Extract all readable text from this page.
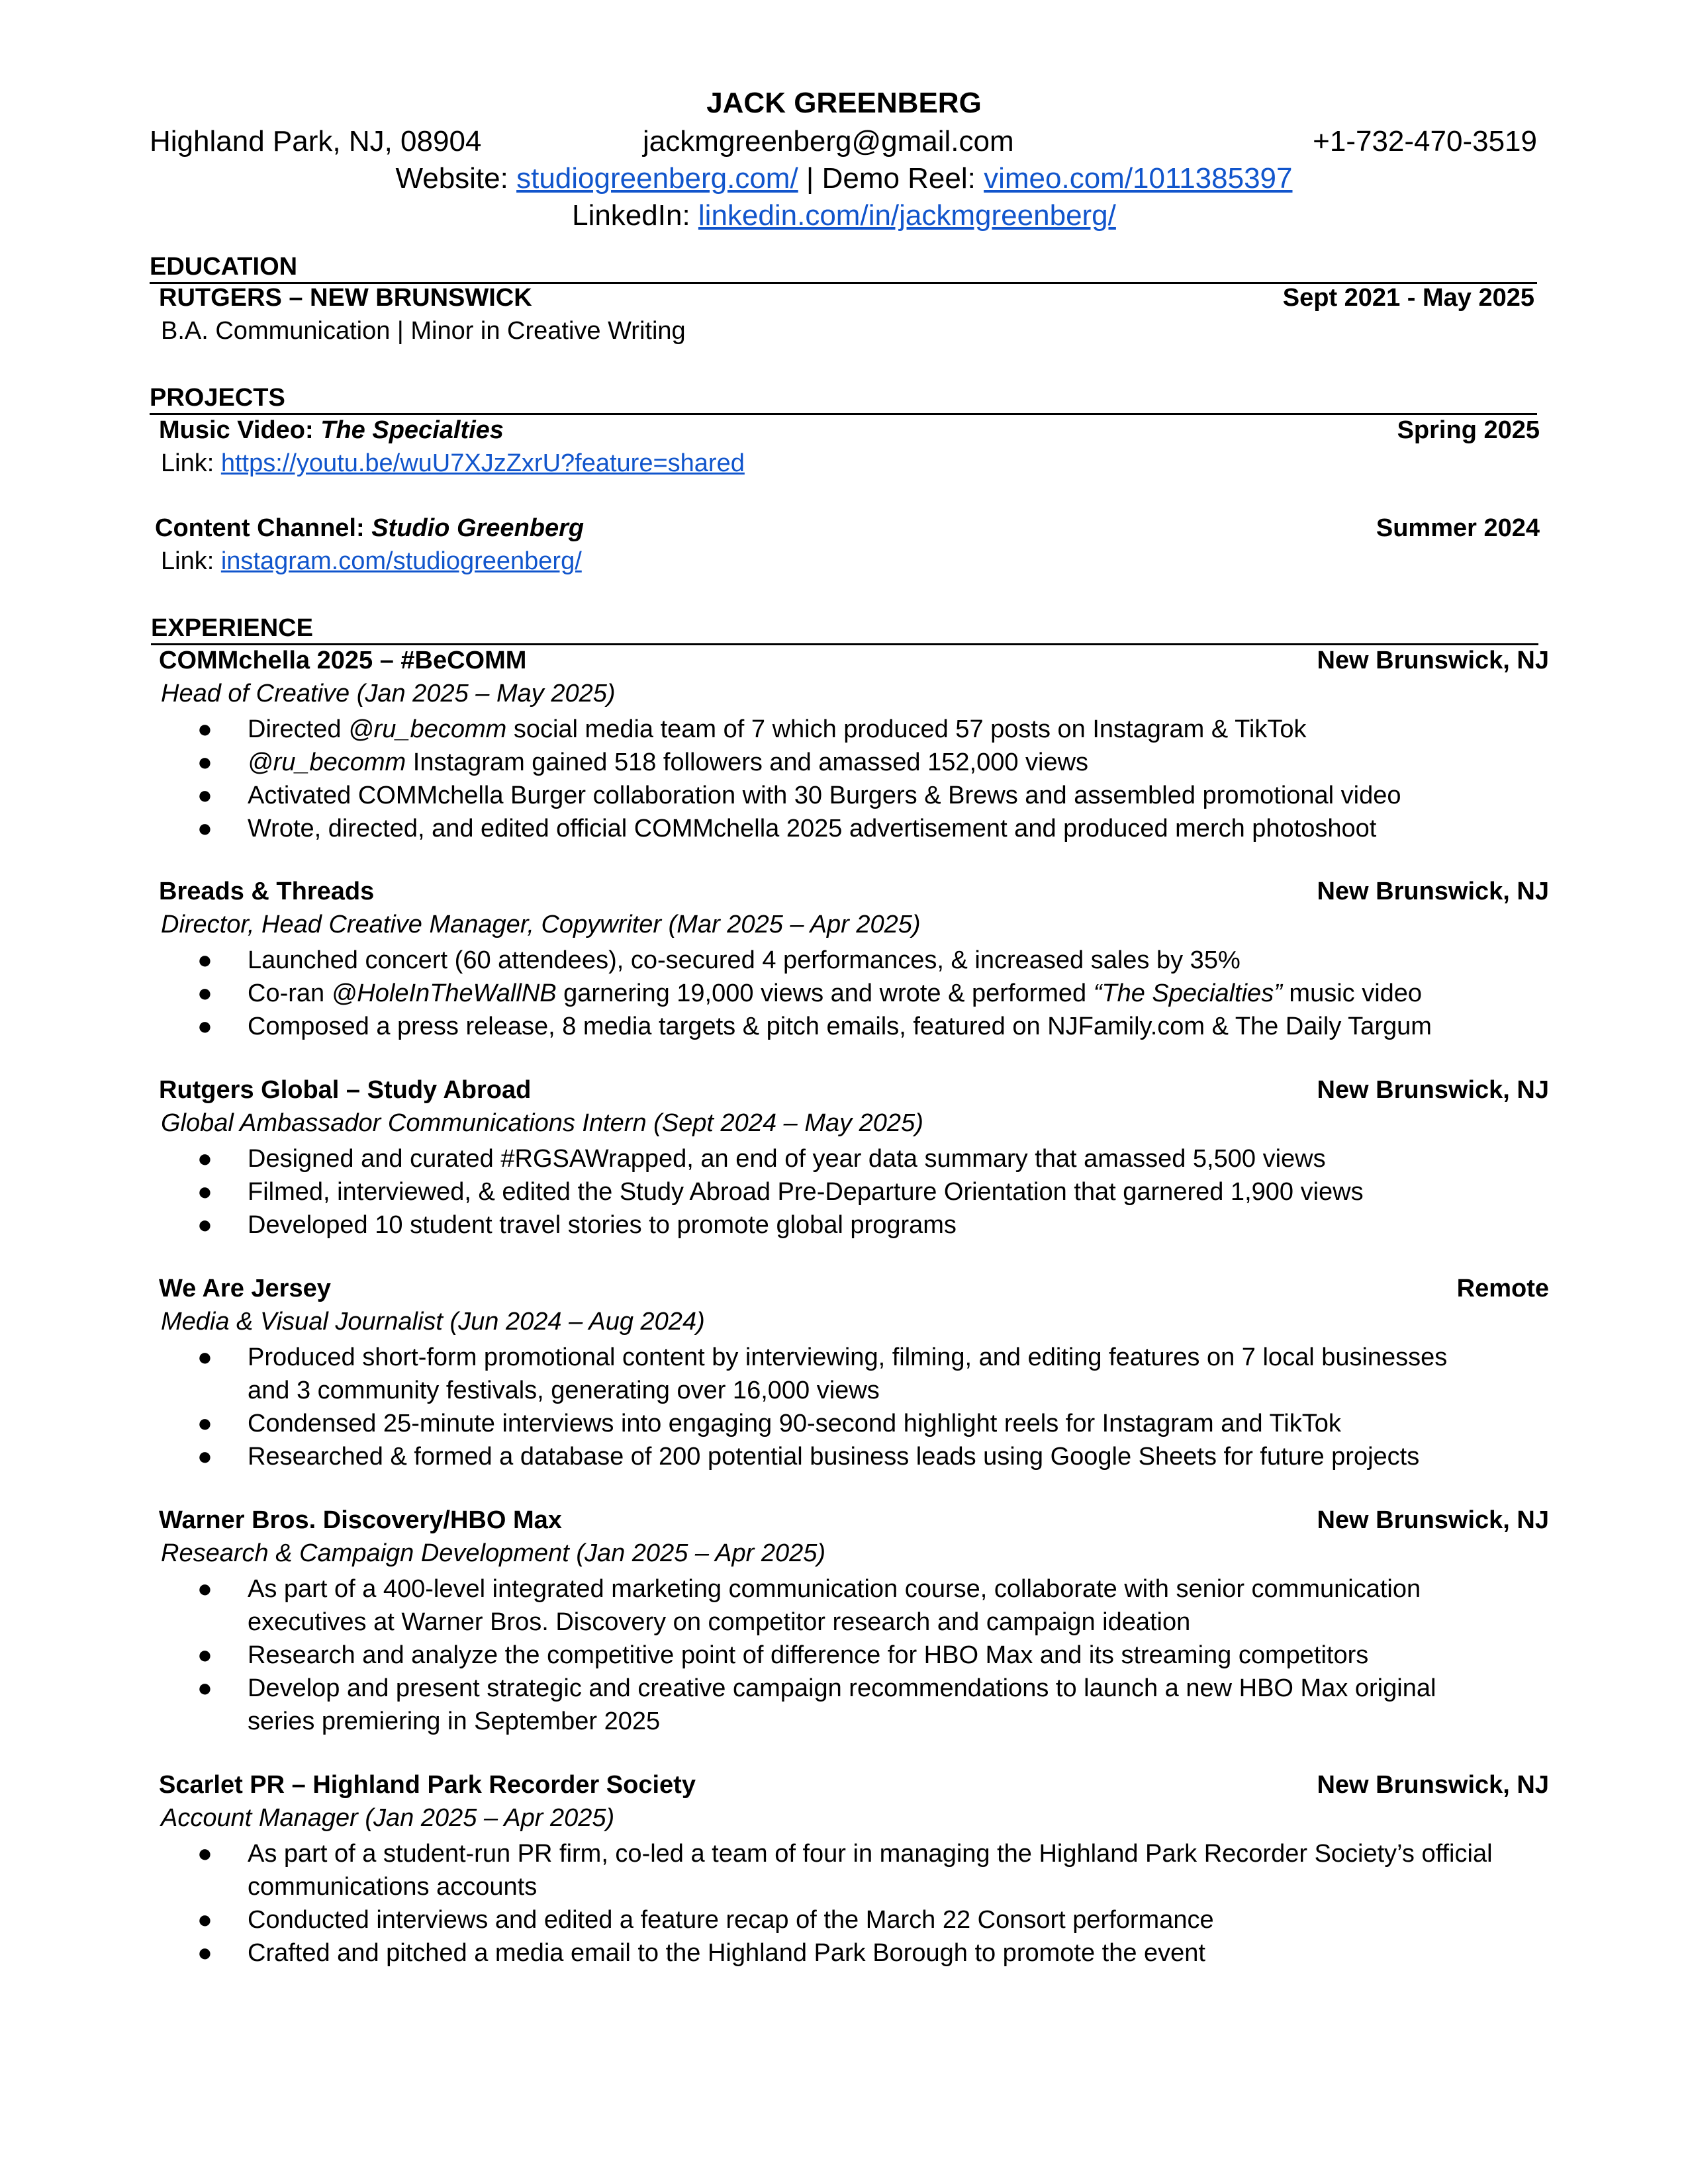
JACK GREENBERG
Highland Park, NJ, 08904	jackmgreenberg@gmail.com	+1-732-470-3519
Website: studiogreenberg.com/ | Demo Reel: vimeo.com/1011385397
LinkedIn: linkedin.com/in/jackmgreenberg/
EDUCATION
RUTGERS – NEW BRUNSWICK	Sept 2021 - May 2025
B.A. Communication | Minor in Creative Writing
PROJECTS
Music Video: The Specialties	Spring 2025
Link: https://youtu.be/wuU7XJzZxrU?feature=shared
Content Channel: Studio Greenberg	Summer 2024
Link: instagram.com/studiogreenberg/
EXPERIENCE
COMMchella 2025 – #BeCOMM	New Brunswick, NJ
Head of Creative (Jan 2025 – May 2025)
● Directed @ru_becomm social media team of 7 which produced 57 posts on Instagram & TikTok
● @ru_becomm Instagram gained 518 followers and amassed 152,000 views
● Activated COMMchella Burger collaboration with 30 Burgers & Brews and assembled promotional video
● Wrote, directed, and edited official COMMchella 2025 advertisement and produced merch photoshoot
Breads & Threads	New Brunswick, NJ
Director, Head Creative Manager, Copywriter (Mar 2025 – Apr 2025)
● Launched concert (60 attendees), co-secured 4 performances, & increased sales by 35%
● Co-ran @HoleInTheWallNB garnering 19,000 views and wrote & performed “The Specialties” music video
● Composed a press release, 8 media targets & pitch emails, featured on NJFamily.com & The Daily Targum
Rutgers Global – Study Abroad	New Brunswick, NJ
Global Ambassador Communications Intern (Sept 2024 – May 2025)
● Designed and curated #RGSAWrapped, an end of year data summary that amassed 5,500 views
● Filmed, interviewed, & edited the Study Abroad Pre-Departure Orientation that garnered 1,900 views
● Developed 10 student travel stories to promote global programs
We Are Jersey	Remote
Media & Visual Journalist (Jun 2024 – Aug 2024)
● Produced short-form promotional content by interviewing, filming, and editing features on 7 local businesses and 3 community festivals, generating over 16,000 views
● Condensed 25-minute interviews into engaging 90-second highlight reels for Instagram and TikTok
● Researched & formed a database of 200 potential business leads using Google Sheets for future projects
Warner Bros. Discovery/HBO Max	New Brunswick, NJ
Research & Campaign Development (Jan 2025 – Apr 2025)
● As part of a 400-level integrated marketing communication course, collaborate with senior communication executives at Warner Bros. Discovery on competitor research and campaign ideation
● Research and analyze the competitive point of difference for HBO Max and its streaming competitors
● Develop and present strategic and creative campaign recommendations to launch a new HBO Max original series premiering in September 2025
Scarlet PR – Highland Park Recorder Society	New Brunswick, NJ
Account Manager (Jan 2025 – Apr 2025)
● As part of a student-run PR firm, co-led a team of four in managing the Highland Park Recorder Society’s official communications accounts
● Conducted interviews and edited a feature recap of the March 22 Consort performance
● Crafted and pitched a media email to the Highland Park Borough to promote the event
